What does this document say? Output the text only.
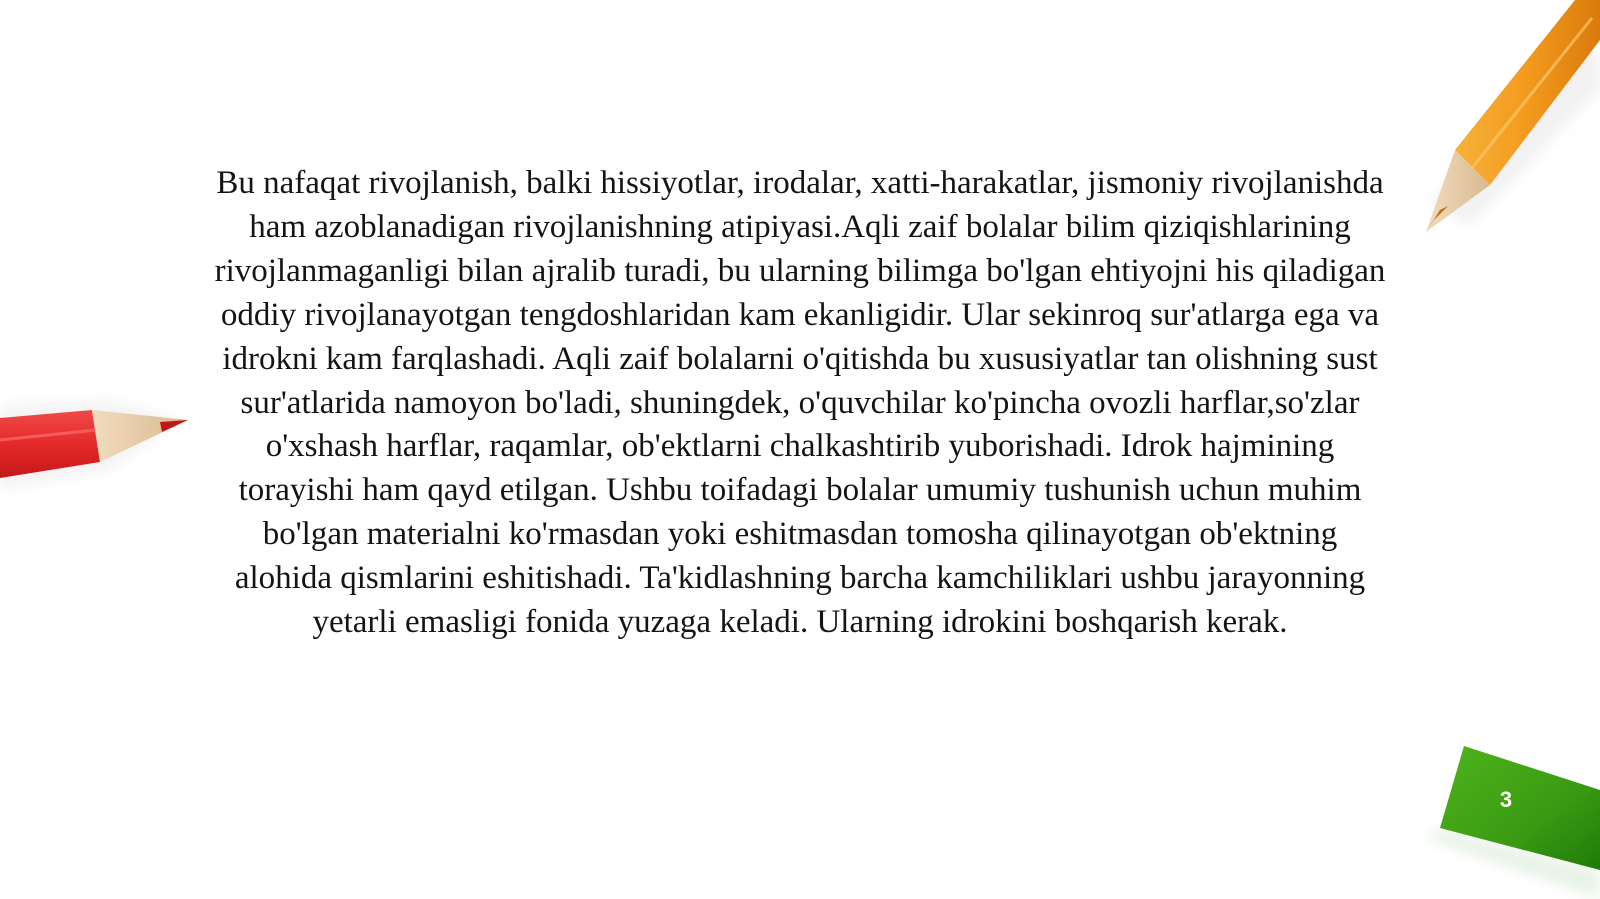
Bu nafaqat rivojlanish, balki hissiyotlar, irodalar, xatti-harakatlar, jismoniy rivojlanishda ham azoblanadigan rivojlanishning atipiyasi.Aqli zaif bolalar bilim qiziqishlarining rivojlanmaganligi bilan ajralib turadi, bu ularning bilimga bo'lgan ehtiyojni his qiladigan oddiy rivojlanayotgan tengdoshlaridan kam ekanligidir. Ular sekinroq sur'atlarga ega va idrokni kam farqlashadi. Aqli zaif bolalarni o'qitishda bu xususiyatlar tan olishning sust sur'atlarida namoyon bo'ladi, shuningdek, o'quvchilar ko'pincha ovozli harflar,so'zlar o'xshash harflar, raqamlar, ob'ektlarni chalkashtirib yuborishadi. Idrok hajmining torayishi ham qayd etilgan. Ushbu toifadagi bolalar umumiy tushunish uchun muhim bo'lgan materialni ko'rmasdan yoki eshitmasdan tomosha qilinayotgan ob'ektning alohida qismlarini eshitishadi. Ta'kidlashning barcha kamchiliklari ushbu jarayonning yetarli emasligi fonida yuzaga keladi. Ularning idrokini boshqarish kerak.

3
